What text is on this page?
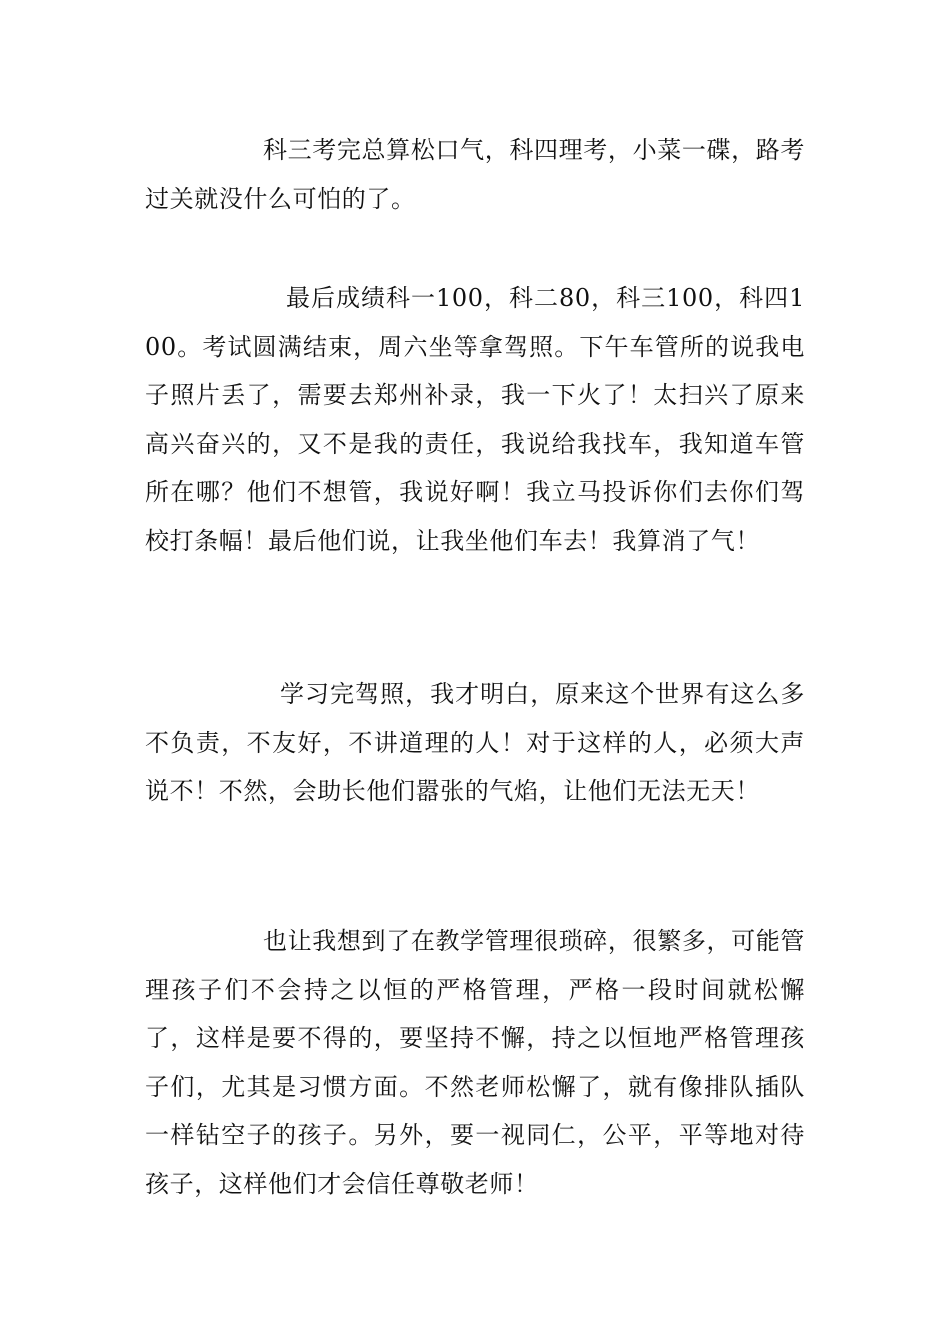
科三考完总算松口气，科四理考，小菜一碟，路考过关就没什么可怕的了。

最后成绩科一100，科二80，科三100，科四100。考试圆满结束，周六坐等拿驾照。下午车管所的说我电子照片丢了，需要去郑州补录，我一下火了！太扫兴了原来高兴奋兴的，又不是我的责任，我说给我找车，我知道车管所在哪？他们不想管，我说好啊！我立马投诉你们去你们驾校打条幅！最后他们说，让我坐他们车去！我算消了气！

学习完驾照，我才明白，原来这个世界有这么多不负责，不友好，不讲道理的人！对于这样的人，必须大声说不！不然，会助长他们嚣张的气焰，让他们无法无天！

也让我想到了在教学管理很琐碎，很繁多，可能管理孩子们不会持之以恒的严格管理，严格一段时间就松懈了，这样是要不得的，要坚持不懈，持之以恒地严格管理孩子们，尤其是习惯方面。不然老师松懈了，就有像排队插队一样钻空子的孩子。另外，要一视同仁，公平，平等地对待孩子，这样他们才会信任尊敬老师！
